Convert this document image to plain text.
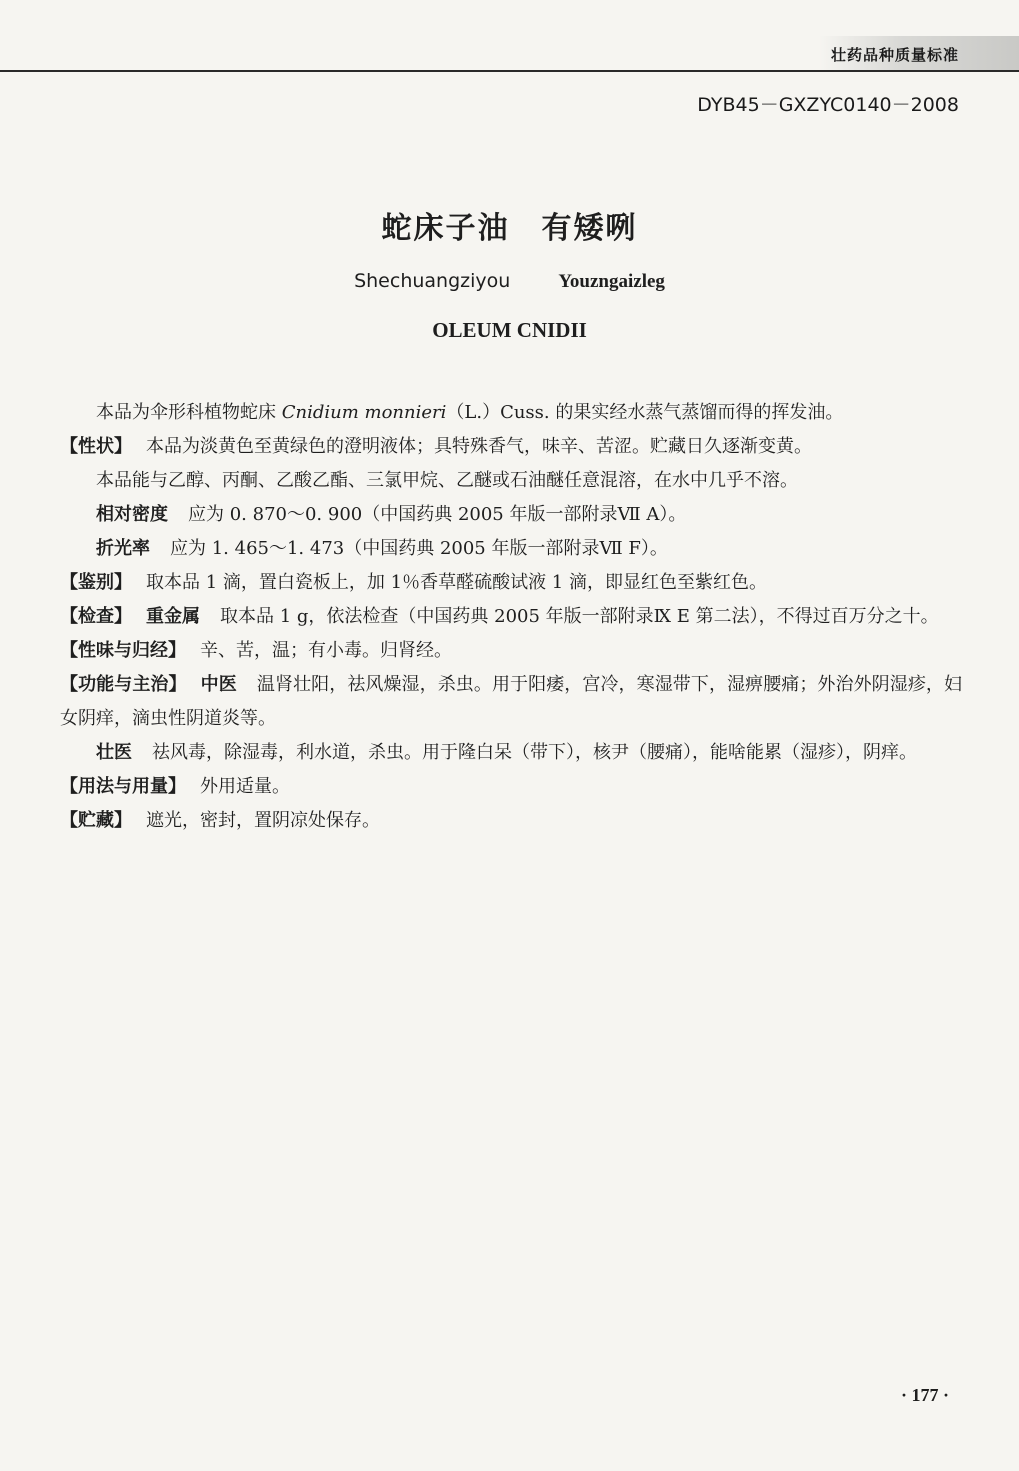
壮药品种质量标准
DYB45－GXZYC0140－2008
蛇床子油　有矮咧
Shechuangziyou	Youzngaizleg
OLEUM CNIDII

本品为伞形科植物蛇床 Cnidium monnieri（L.）Cuss. 的果实经水蒸气蒸馏而得的挥发油。

【性状】 本品为淡黄色至黄绿色的澄明液体；具特殊香气，味辛、苦涩。贮藏日久逐渐变黄。

本品能与乙醇、丙酮、乙酸乙酯、三氯甲烷、乙醚或石油醚任意混溶，在水中几乎不溶。

相对密度 应为 0. 870～0. 900（中国药典 2005 年版一部附录Ⅶ A）。

折光率 应为 1. 465～1. 473（中国药典 2005 年版一部附录Ⅶ F）。

【鉴别】 取本品 1 滴，置白瓷板上，加 1％香草醛硫酸试液 1 滴，即显红色至紫红色。

【检查】 重金属 取本品 1 g，依法检查（中国药典 2005 年版一部附录Ⅸ E 第二法），不得过百万分之十。

【性味与归经】 辛、苦，温；有小毒。归肾经。

【功能与主治】 中医 温肾壮阳，祛风燥湿，杀虫。用于阳痿，宫冷，寒湿带下，湿痹腰痛；外治外阴湿疹，妇女阴痒，滴虫性阴道炎等。

壮医 祛风毒，除湿毒，利水道，杀虫。用于隆白呆（带下），核尹（腰痛），能啥能累（湿疹），阴痒。

【用法与用量】 外用适量。

【贮藏】 遮光，密封，置阴凉处保存。

· 177 ·
